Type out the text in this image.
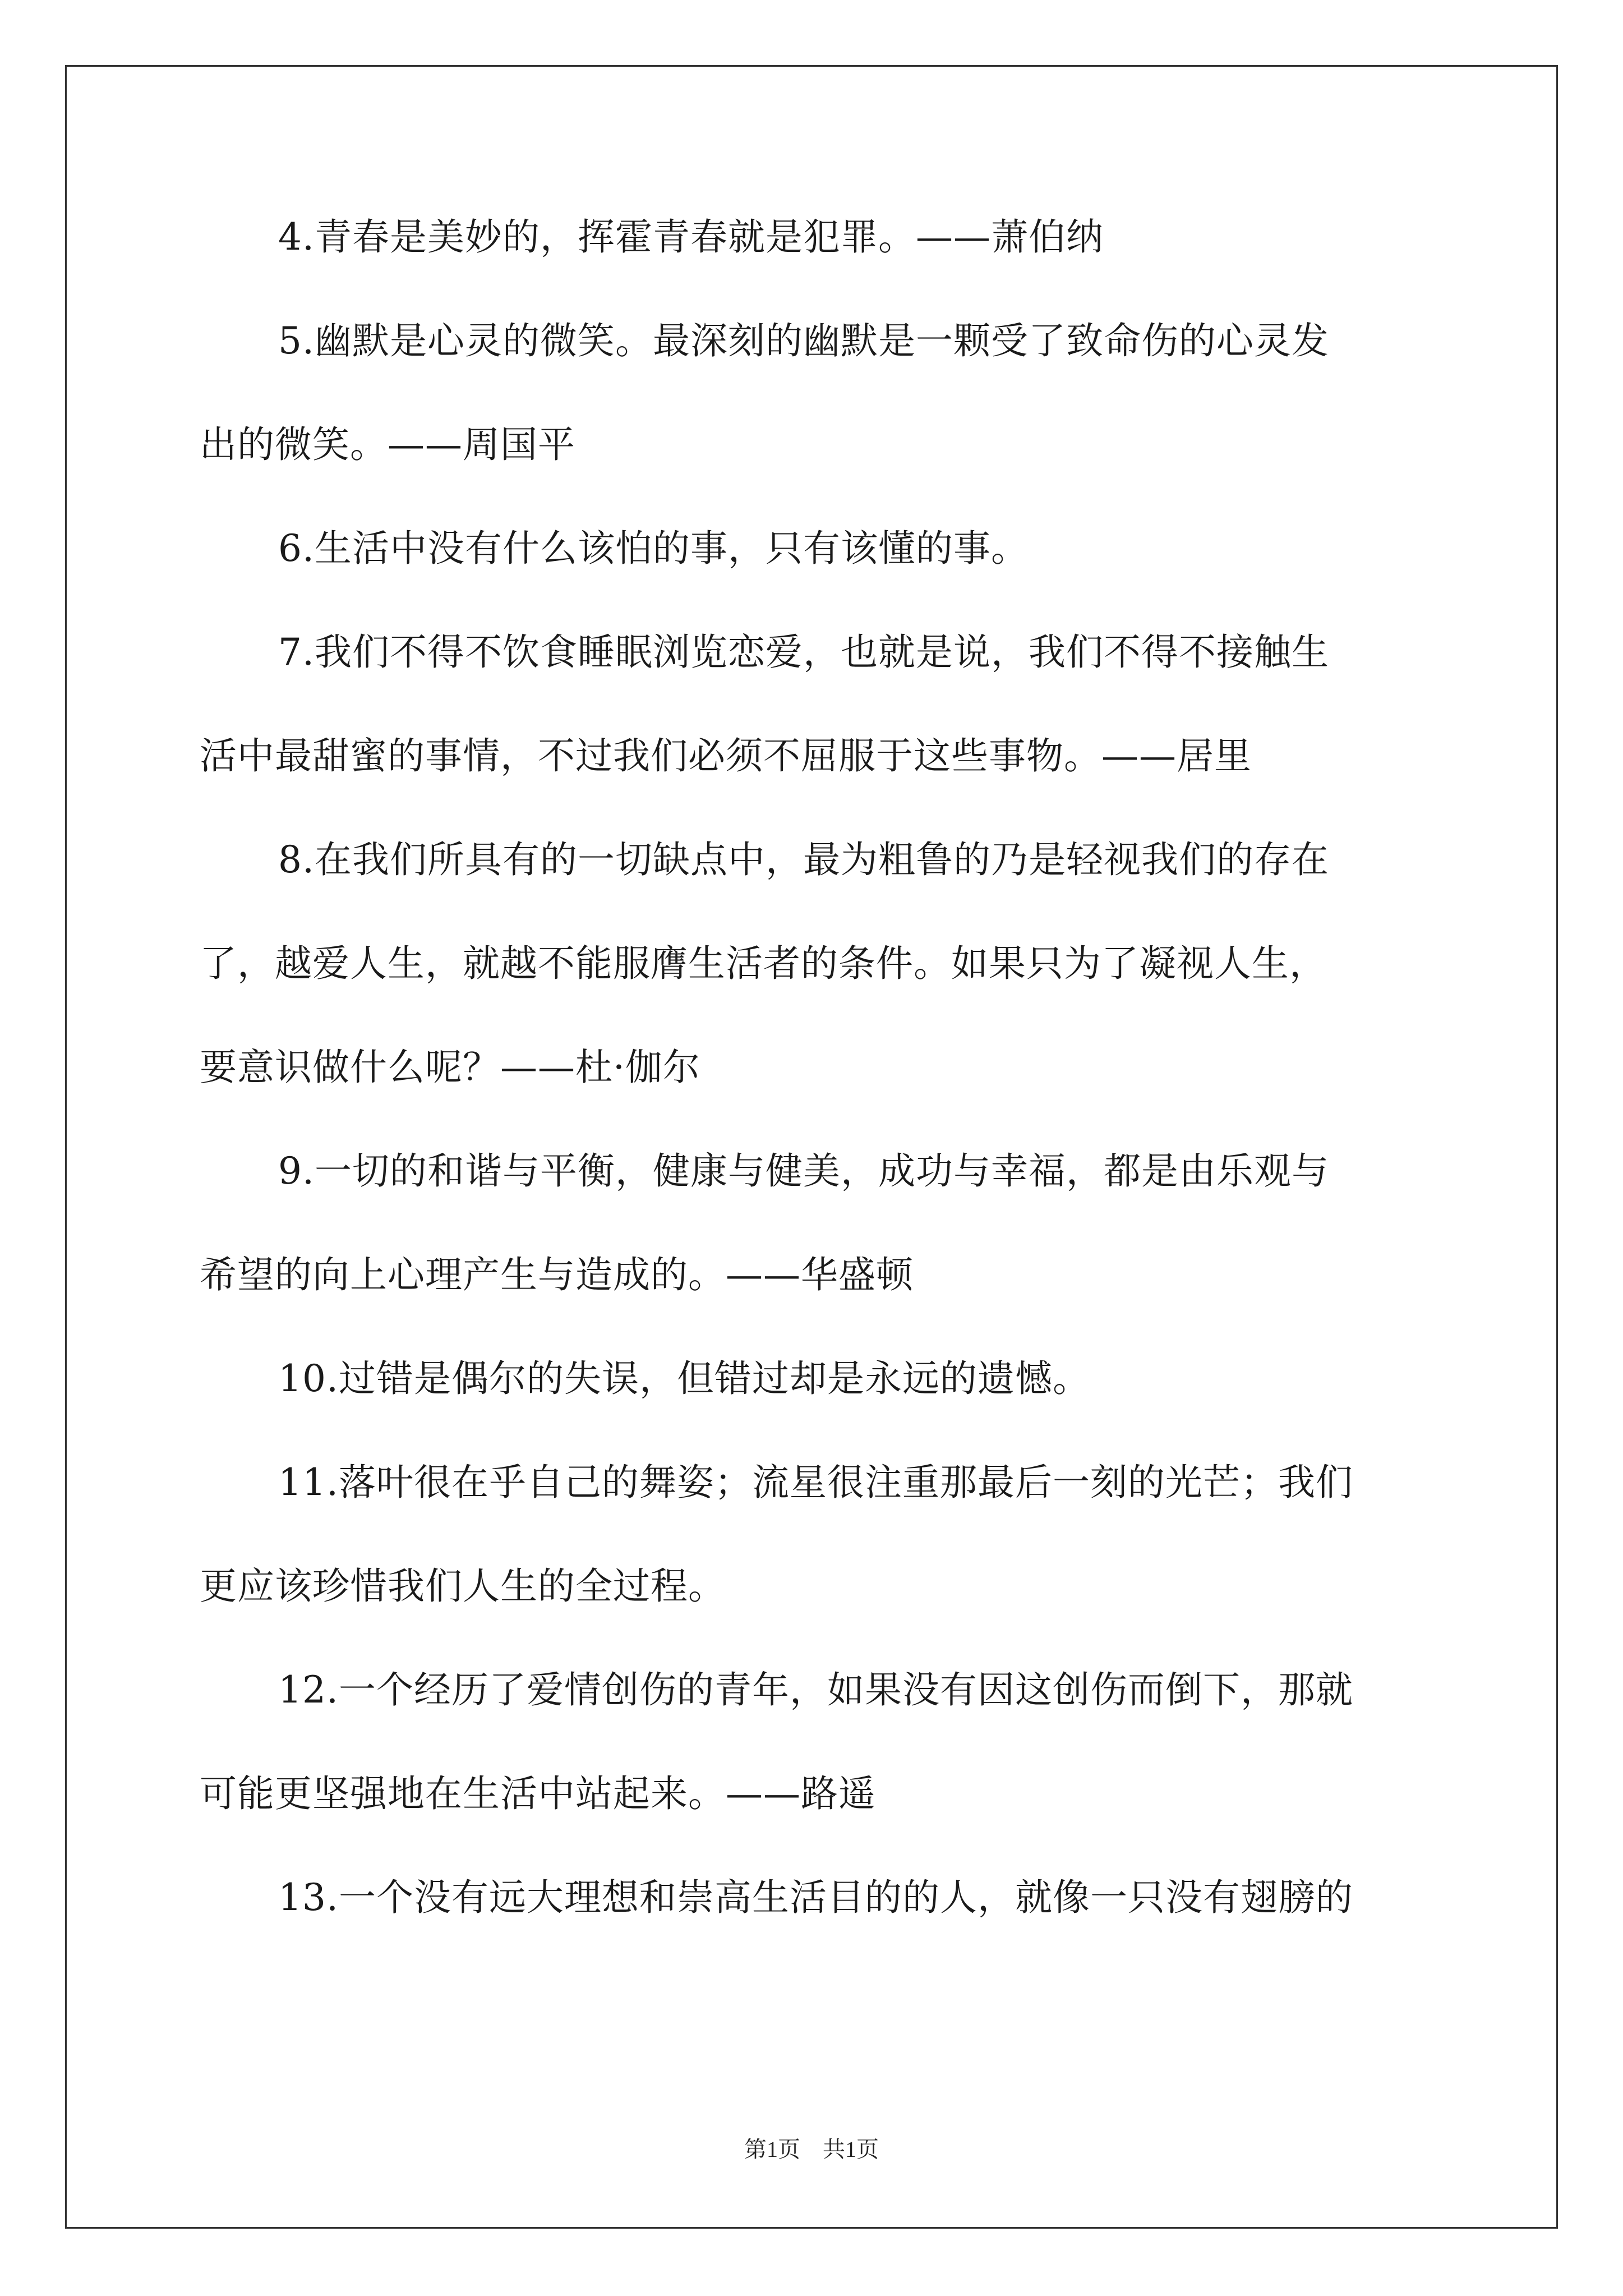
4.青春是美妙的，挥霍青春就是犯罪。——萧伯纳
5.幽默是心灵的微笑。最深刻的幽默是一颗受了致命伤的心灵发
出的微笑。——周国平
6.生活中没有什么该怕的事，只有该懂的事。
7.我们不得不饮食睡眠浏览恋爱，也就是说，我们不得不接触生
活中最甜蜜的事情，不过我们必须不屈服于这些事物。——居里
8.在我们所具有的一切缺点中，最为粗鲁的乃是轻视我们的存在
了，越爱人生，就越不能服膺生活者的条件。如果只为了凝视人生，
要意识做什么呢？——杜·伽尔
9.一切的和谐与平衡，健康与健美，成功与幸福，都是由乐观与
希望的向上心理产生与造成的。——华盛顿
10.过错是偶尔的失误，但错过却是永远的遗憾。
11.落叶很在乎自己的舞姿；流星很注重那最后一刻的光芒；我们
更应该珍惜我们人生的全过程。
12.一个经历了爱情创伤的青年，如果没有因这创伤而倒下，那就
可能更坚强地在生活中站起来。——路遥
13.一个没有远大理想和崇高生活目的的人，就像一只没有翅膀的
第1页　共1页
